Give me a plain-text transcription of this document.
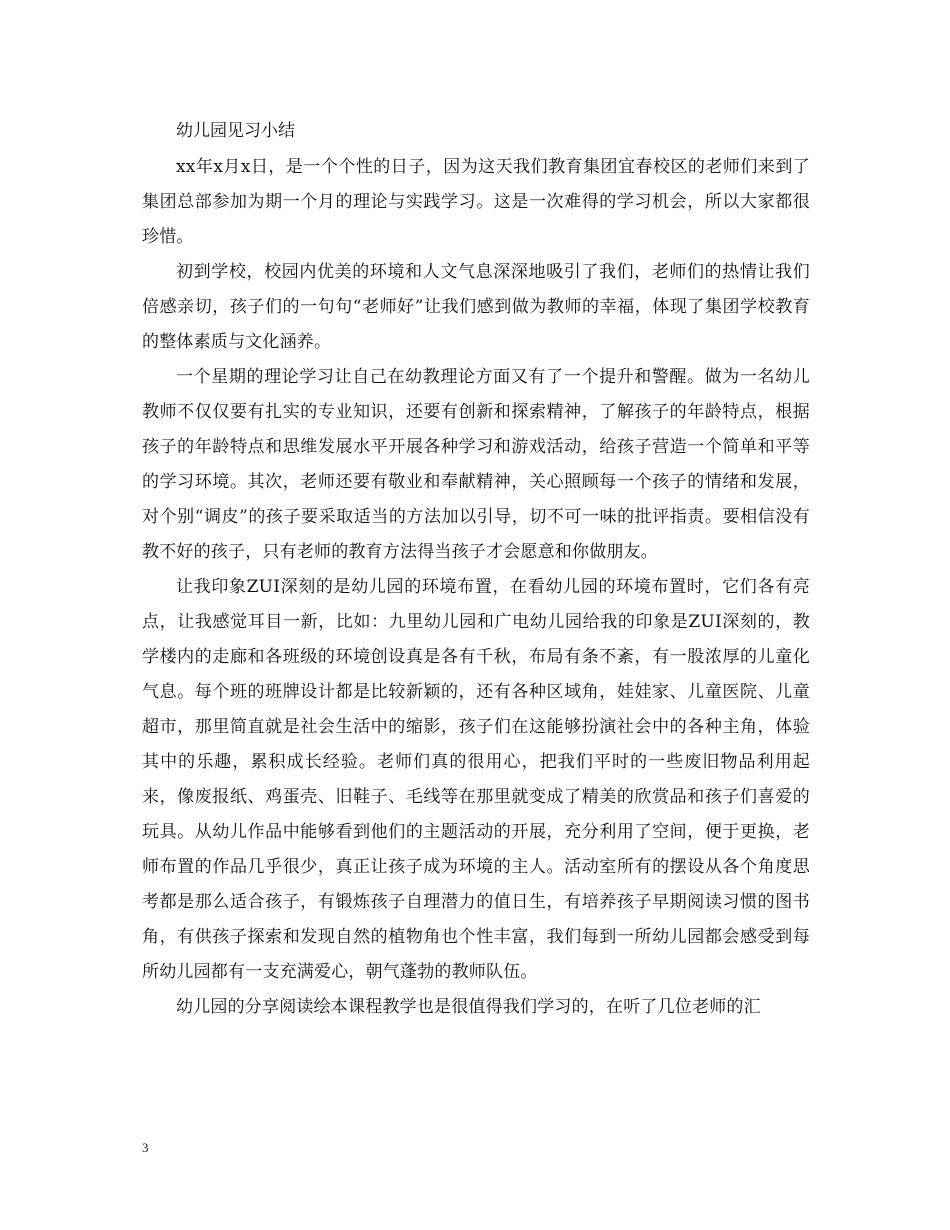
幼儿园见习小结

xx年x月x日，是一个个性的日子，因为这天我们教育集团宜春校区的老师们来到了集团总部参加为期一个月的理论与实践学习。这是一次难得的学习机会，所以大家都很珍惜。

初到学校，校园内优美的环境和人文气息深深地吸引了我们，老师们的热情让我们倍感亲切，孩子们的一句句“老师好”让我们感到做为教师的幸福，体现了集团学校教育的整体素质与文化涵养。

一个星期的理论学习让自己在幼教理论方面又有了一个提升和警醒。做为一名幼儿教师不仅仅要有扎实的专业知识，还要有创新和探索精神，了解孩子的年龄特点，根据孩子的年龄特点和思维发展水平开展各种学习和游戏活动，给孩子营造一个简单和平等的学习环境。其次，老师还要有敬业和奉献精神，关心照顾每一个孩子的情绪和发展，对个别“调皮”的孩子要采取适当的方法加以引导，切不可一味的批评指责。要相信没有教不好的孩子，只有老师的教育方法得当孩子才会愿意和你做朋友。

让我印象ZUI深刻的是幼儿园的环境布置，在看幼儿园的环境布置时，它们各有亮点，让我感觉耳目一新，比如：九里幼儿园和广电幼儿园给我的印象是ZUI深刻的，教学楼内的走廊和各班级的环境创设真是各有千秋，布局有条不紊，有一股浓厚的儿童化气息。每个班的班牌设计都是比较新颖的，还有各种区域角，娃娃家、儿童医院、儿童超市，那里简直就是社会生活中的缩影，孩子们在这能够扮演社会中的各种主角，体验其中的乐趣，累积成长经验。老师们真的很用心，把我们平时的一些废旧物品利用起来，像废报纸、鸡蛋壳、旧鞋子、毛线等在那里就变成了精美的欣赏品和孩子们喜爱的玩具。从幼儿作品中能够看到他们的主题活动的开展，充分利用了空间，便于更换，老师布置的作品几乎很少，真正让孩子成为环境的主人。活动室所有的摆设从各个角度思考都是那么适合孩子，有锻炼孩子自理潜力的值日生，有培养孩子早期阅读习惯的图书角，有供孩子探索和发现自然的植物角也个性丰富，我们每到一所幼儿园都会感受到每所幼儿园都有一支充满爱心，朝气蓬勃的教师队伍。

幼儿园的分享阅读绘本课程教学也是很值得我们学习的，在听了几位老师的汇

3
